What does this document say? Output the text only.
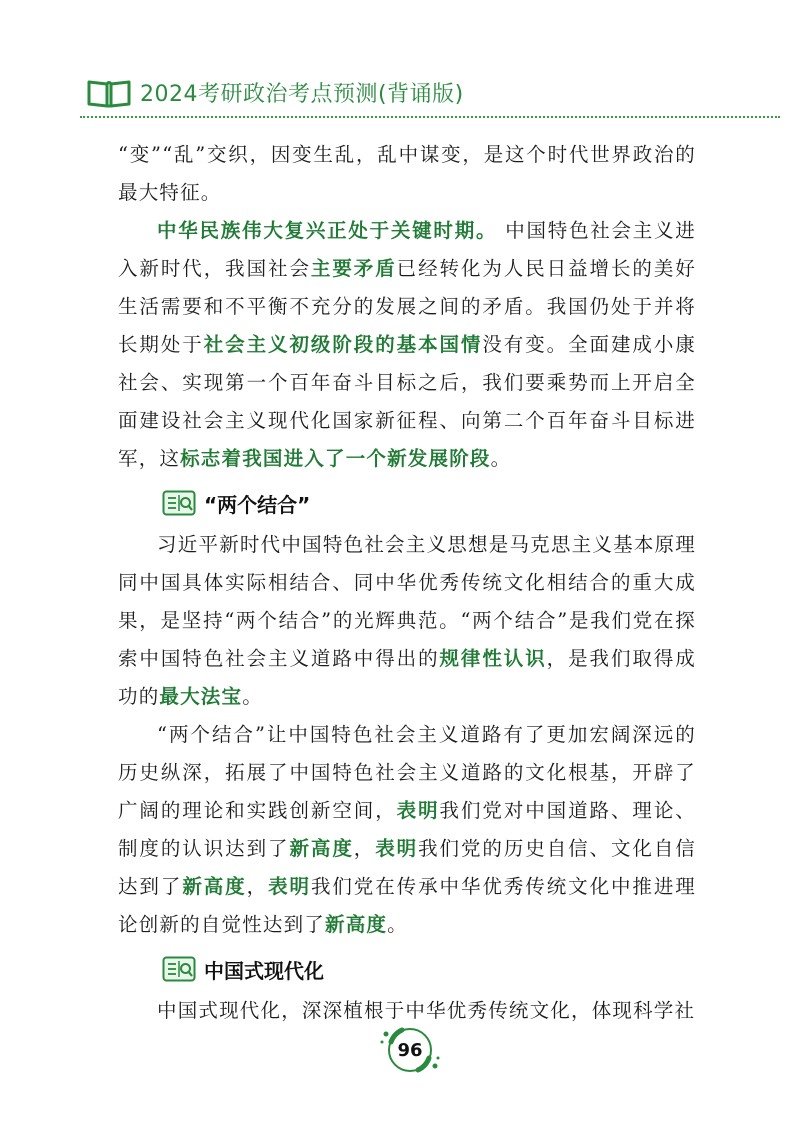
2024考研政治考点预测(背诵版)

“变”“乱”交织，因变生乱，乱中谋变，是这个时代世界政治的最大特征。

中华民族伟大复兴正处于关键时期。 中国特色社会主义进入新时代，我国社会主要矛盾已经转化为人民日益增长的美好生活需要和不平衡不充分的发展之间的矛盾。我国仍处于并将长期处于社会主义初级阶段的基本国情没有变。全面建成小康社会、实现第一个百年奋斗目标之后，我们要乘势而上开启全面建设社会主义现代化国家新征程、向第二个百年奋斗目标进军，这标志着我国进入了一个新发展阶段。

“两个结合”

习近平新时代中国特色社会主义思想是马克思主义基本原理同中国具体实际相结合、同中华优秀传统文化相结合的重大成果，是坚持“两个结合”的光辉典范。“两个结合”是我们党在探索中国特色社会主义道路中得出的规律性认识，是我们取得成功的最大法宝。

“两个结合”让中国特色社会主义道路有了更加宏阔深远的历史纵深，拓展了中国特色社会主义道路的文化根基，开辟了广阔的理论和实践创新空间，表明我们党对中国道路、理论、制度的认识达到了新高度，表明我们党的历史自信、文化自信达到了新高度，表明我们党在传承中华优秀传统文化中推进理论创新的自觉性达到了新高度。

中国式现代化

中国式现代化，深深植根于中华优秀传统文化，体现科学社

96
